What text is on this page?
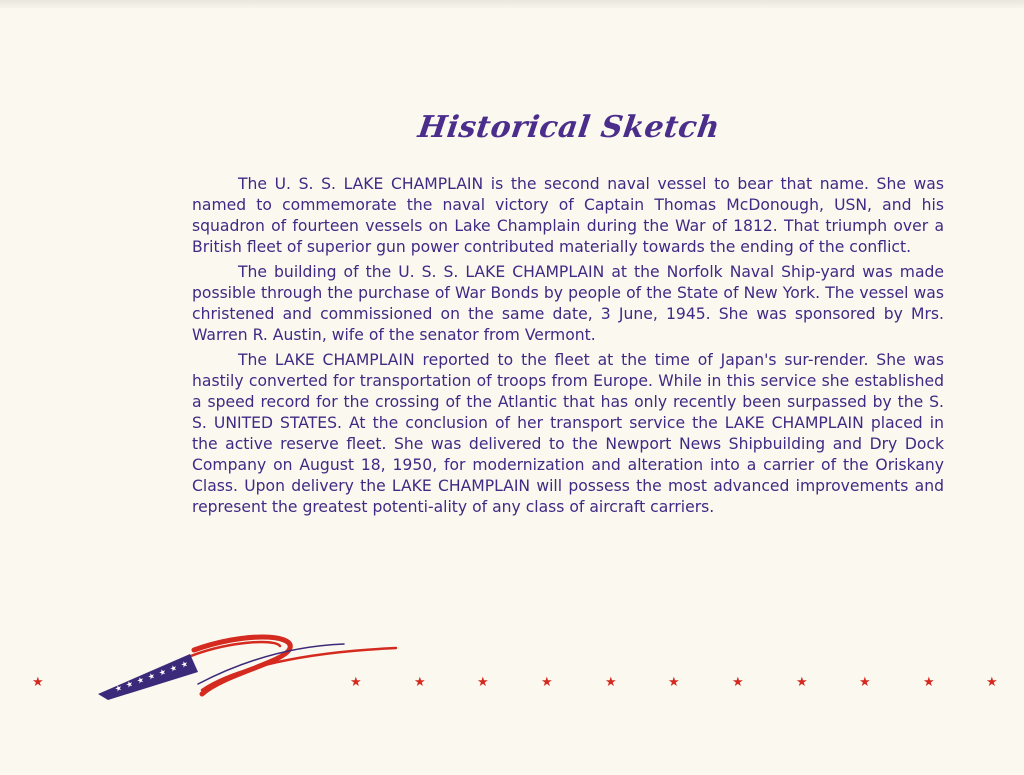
Historical Sketch

The U. S. S. LAKE CHAMPLAIN is the second naval vessel to bear that name. She was named to commemorate the naval victory of Captain Thomas McDonough, USN, and his squadron of fourteen vessels on Lake Champlain during the War of 1812. That triumph over a British fleet of superior gun power contributed materially towards the ending of the conflict.

The building of the U. S. S. LAKE CHAMPLAIN at the Norfolk Naval Ship-yard was made possible through the purchase of War Bonds by people of the State of New York. The vessel was christened and commissioned on the same date, 3 June, 1945. She was sponsored by Mrs. Warren R. Austin, wife of the senator from Vermont.

The LAKE CHAMPLAIN reported to the fleet at the time of Japan's sur-render. She was hastily converted for transportation of troops from Europe. While in this service she established a speed record for the crossing of the Atlantic that has only recently been surpassed by the S. S. UNITED STATES. At the conclusion of her transport service the LAKE CHAMPLAIN placed in the active reserve fleet. She was delivered to the Newport News Shipbuilding and Dry Dock Company on August 18, 1950, for modernization and alteration into a carrier of the Oriskany Class. Upon delivery the LAKE CHAMPLAIN will possess the most advanced improvements and represent the greatest potenti-ality of any class of aircraft carriers.

★ ★ ★ ★ ★ ★ ★
★	★	★	★	★	★	★	★	★	★	★	★
